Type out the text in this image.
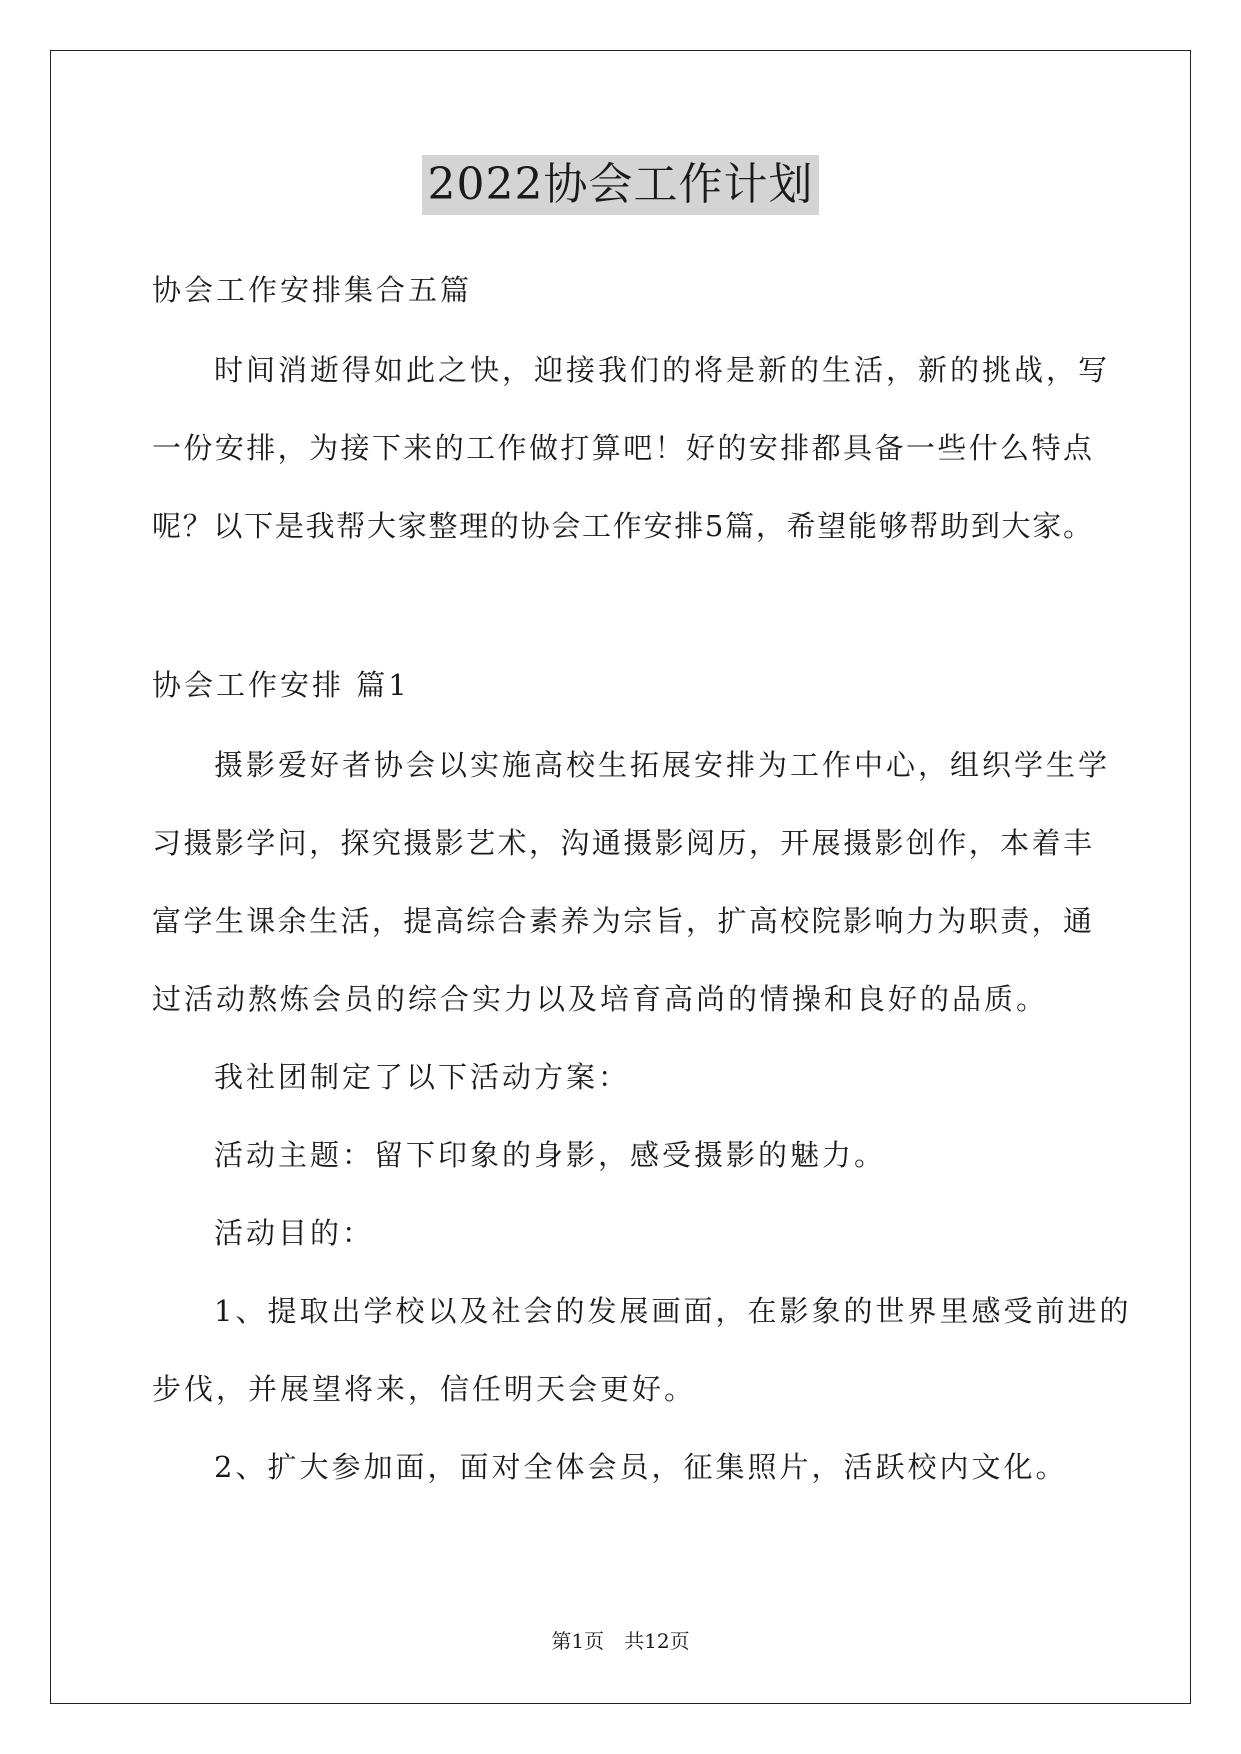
2022协会工作计划
协会工作安排集合五篇
时间消逝得如此之快，迎接我们的将是新的生活，新的挑战，写
一份安排，为接下来的工作做打算吧！好的安排都具备一些什么特点
呢？以下是我帮大家整理的协会工作安排5篇，希望能够帮助到大家。
协会工作安排 篇1
摄影爱好者协会以实施高校生拓展安排为工作中心，组织学生学
习摄影学问，探究摄影艺术，沟通摄影阅历，开展摄影创作，本着丰
富学生课余生活，提高综合素养为宗旨，扩高校院影响力为职责，通
过活动熬炼会员的综合实力以及培育高尚的情操和良好的品质。
我社团制定了以下活动方案：
活动主题：留下印象的身影，感受摄影的魅力。
活动目的：
1、提取出学校以及社会的发展画面，在影象的世界里感受前进的
步伐，并展望将来，信任明天会更好。
2、扩大参加面，面对全体会员，征集照片，活跃校内文化。
第1页　共12页
